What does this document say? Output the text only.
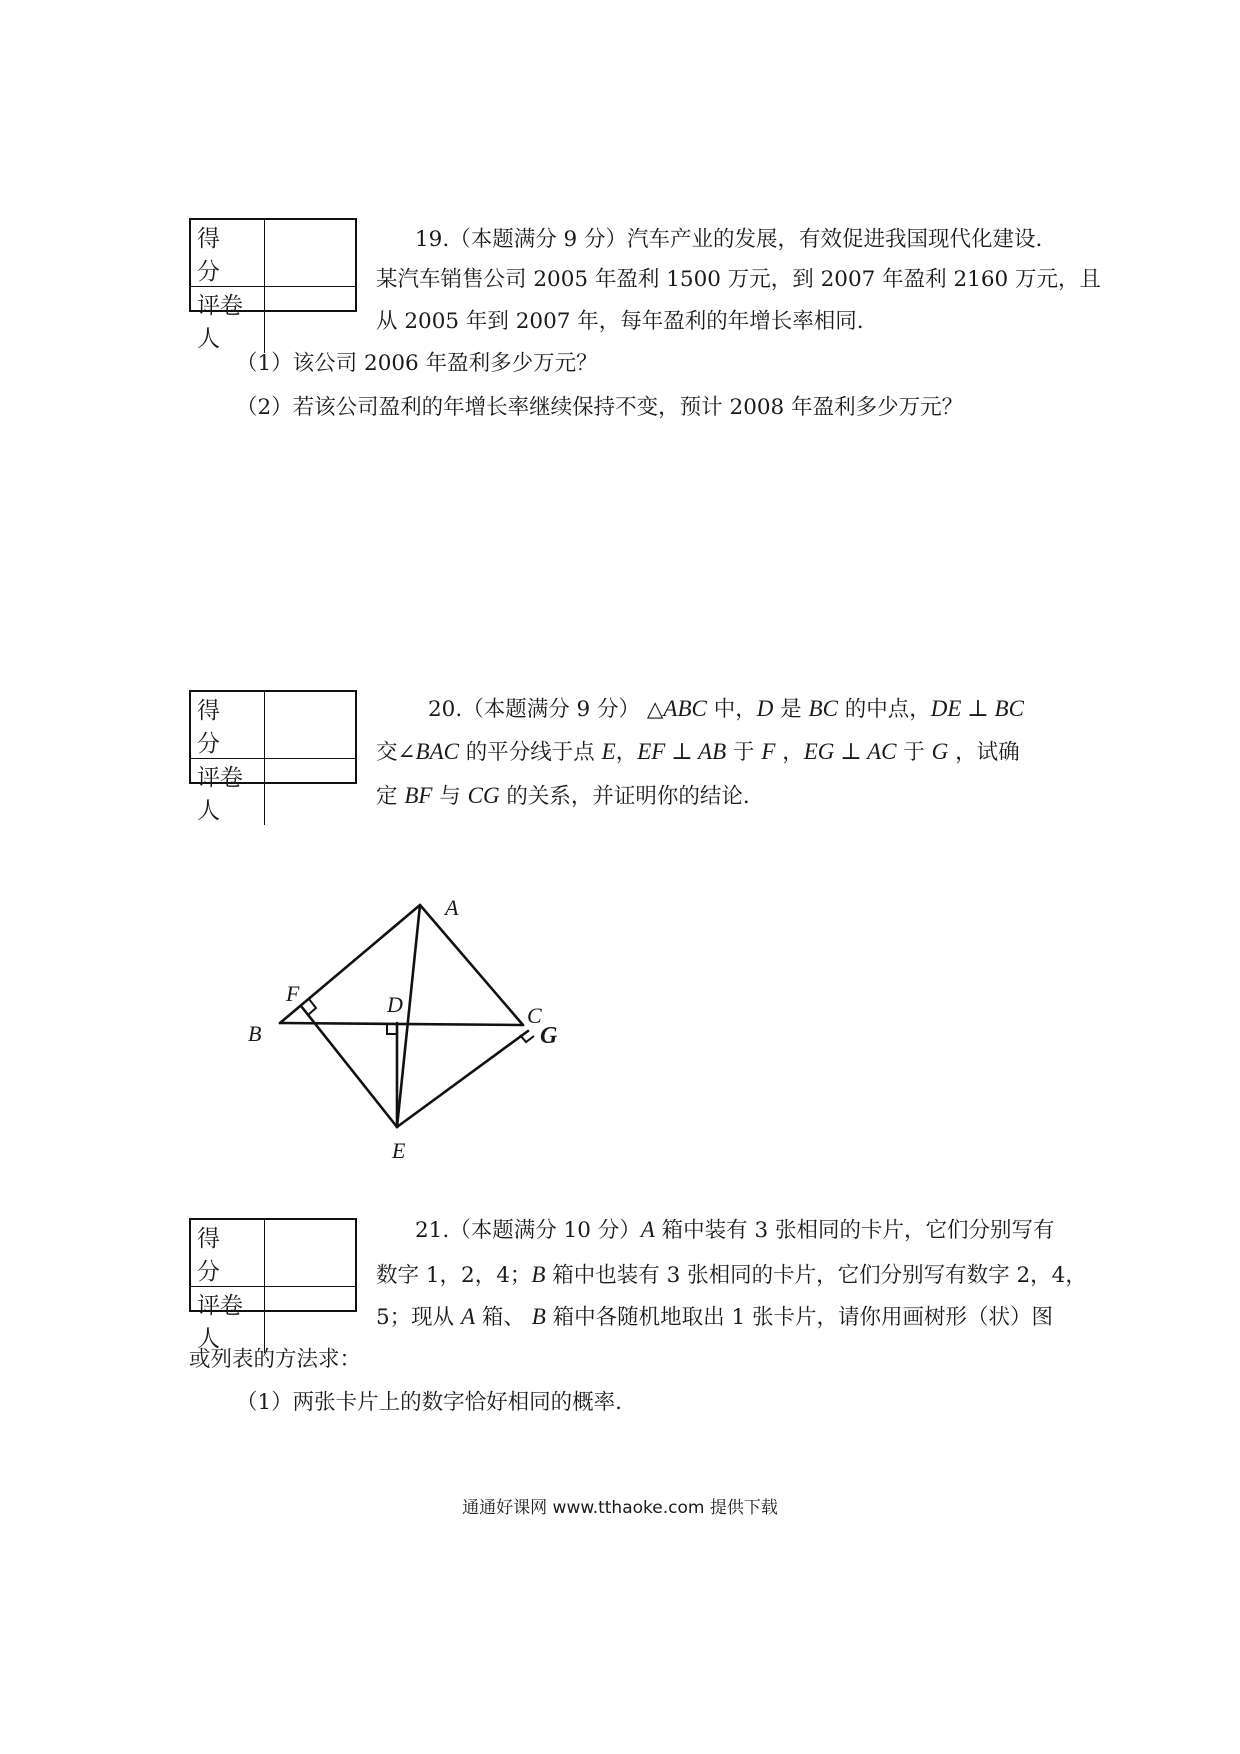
得分
评卷人
19.（本题满分 9 分）汽车产业的发展，有效促进我国现代化建设.
某汽车销售公司 2005 年盈利 1500 万元，到 2007 年盈利 2160 万元，且
从 2005 年到 2007 年，每年盈利的年增长率相同.
（1）该公司 2006 年盈利多少万元？
（2）若该公司盈利的年增长率继续保持不变，预计 2008 年盈利多少万元？
得分
评卷人
20.（本题满分 9 分） △ABC 中，D 是 BC 的中点，DE ⊥ BC
交∠BAC 的平分线于点 E，EF ⊥ AB 于 F ，EG ⊥ AC 于 G ，试确
定 BF 与 CG 的关系，并证明你的结论.
A
B
C
D
E
F
G
得分
评卷人
21.（本题满分 10 分）A 箱中装有 3 张相同的卡片，它们分别写有
数字 1，2，4；B 箱中也装有 3 张相同的卡片，它们分别写有数字 2，4，
5；现从 A 箱、 B 箱中各随机地取出 1 张卡片，请你用画树形（状）图
或列表的方法求：
（1）两张卡片上的数字恰好相同的概率.
通通好课网 www.tthaoke.com 提供下载
